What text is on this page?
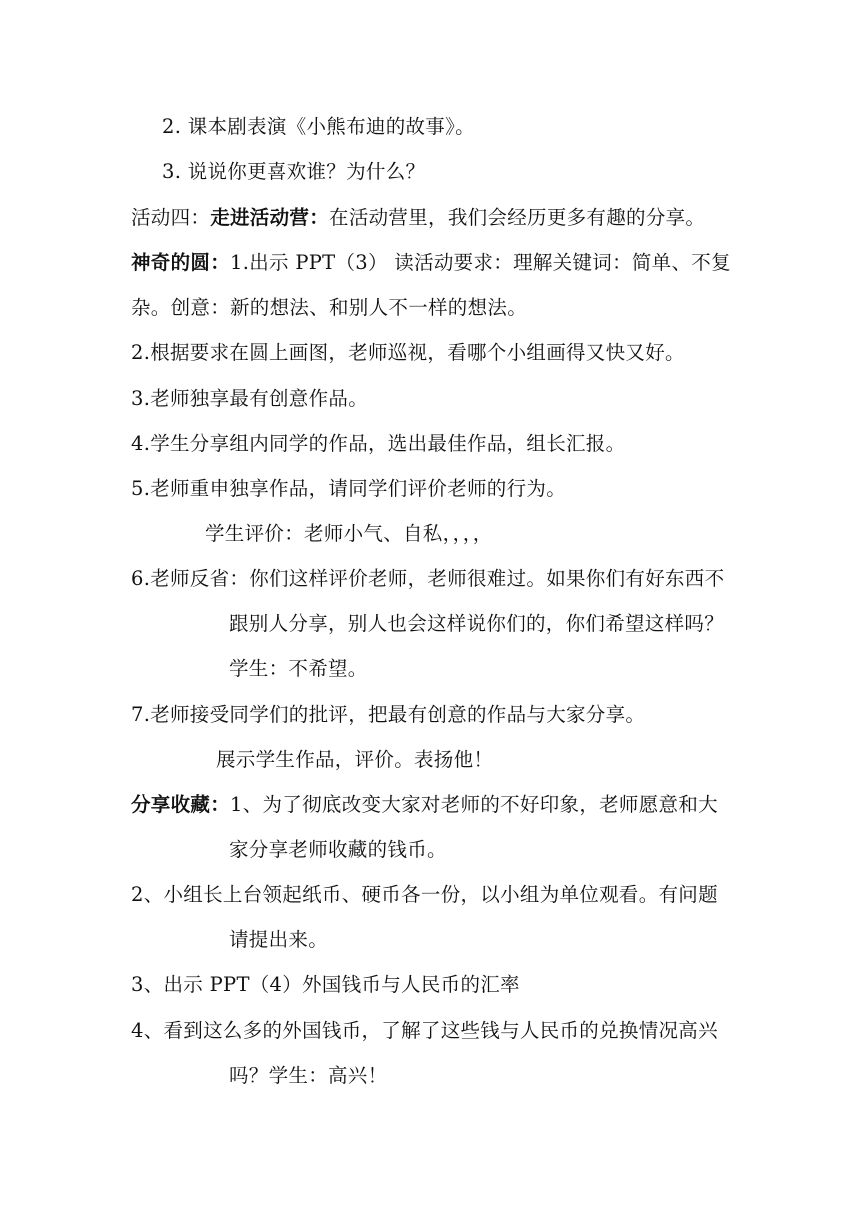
2. 课本剧表演《小熊布迪的故事》。
3. 说说你更喜欢谁？为什么？
活动四：走进活动营：在活动营里，我们会经历更多有趣的分享。
神奇的圆：1.出示 PPT（3） 读活动要求：理解关键词：简单、不复
杂。创意：新的想法、和别人不一样的想法。
2.根据要求在圆上画图，老师巡视，看哪个小组画得又快又好。
3.老师独享最有创意作品。
4.学生分享组内同学的作品，选出最佳作品，组长汇报。
5.老师重申独享作品，请同学们评价老师的行为。
学生评价：老师小气、自私，，，，
6.老师反省：你们这样评价老师，老师很难过。如果你们有好东西不
跟别人分享，别人也会这样说你们的，你们希望这样吗？
学生：不希望。
7.老师接受同学们的批评，把最有创意的作品与大家分享。
展示学生作品，评价。表扬他！
分享收藏：1、为了彻底改变大家对老师的不好印象，老师愿意和大
家分享老师收藏的钱币。
2、小组长上台领起纸币、硬币各一份，以小组为单位观看。有问题
请提出来。
3、出示 PPT（4）外国钱币与人民币的汇率
4、看到这么多的外国钱币，了解了这些钱与人民币的兑换情况高兴
吗？学生：高兴！
